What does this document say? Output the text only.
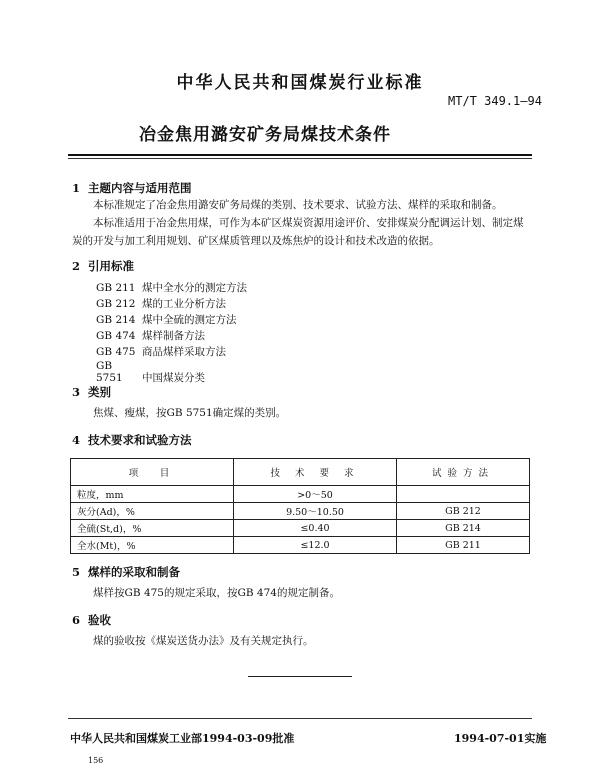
中华人民共和国煤炭行业标准
MT/T 349.1—94
冶金焦用潞安矿务局煤技术条件
1 主题内容与适用范围
本标准规定了冶金焦用潞安矿务局煤的类别、技术要求、试验方法、煤样的采取和制备。
本标准适用于冶金焦用煤，可作为本矿区煤炭资源用途评价、安排煤炭分配调运计划、制定煤炭的开发与加工利用规划、矿区煤质管理以及炼焦炉的设计和技术改造的依据。
2 引用标准
GB 211 煤中全水分的测定方法
GB 212 煤的工业分析方法
GB 214 煤中全硫的测定方法
GB 474 煤样制备方法
GB 475 商品煤样采取方法
GB 5751 中国煤炭分类
3 类别
焦煤、瘦煤，按GB 5751确定煤的类别。
4 技术要求和试验方法
项　目	技 术 要 求	试验方法
粒度，mm	>0～50	
灰分(Ad)，%	9.50～10.50	GB 212
全硫(St,d)，%	≤0.40	GB 214
全水(Mt)，%	≤12.0	GB 211
5 煤样的采取和制备
煤样按GB 475的规定采取，按GB 474的规定制备。
6 验收
煤的验收按《煤炭送货办法》及有关规定执行。
中华人民共和国煤炭工业部1994-03-09批准	1994-07-01实施
156
